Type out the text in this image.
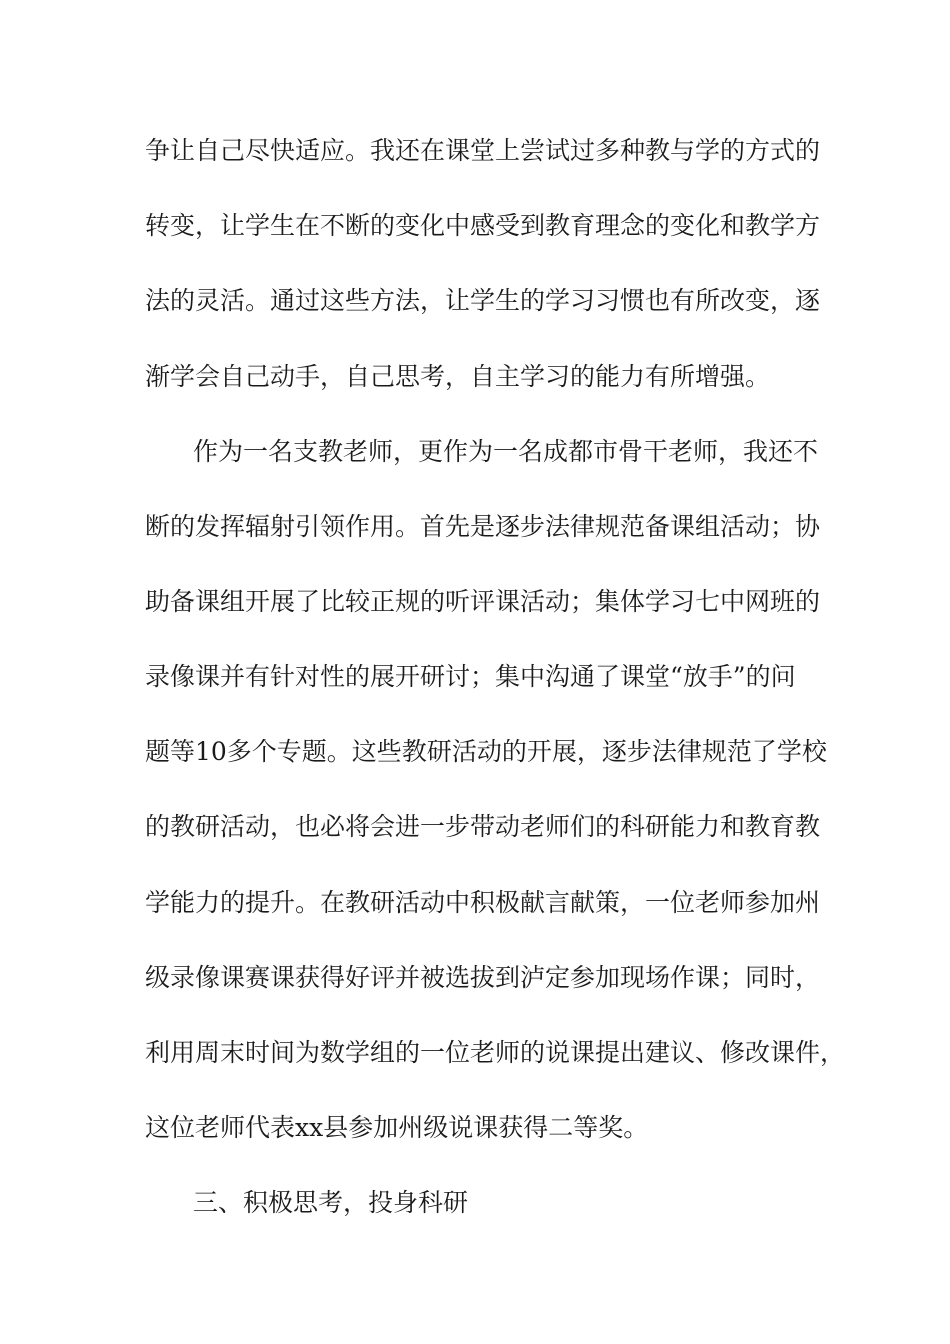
争让自己尽快适应。我还在课堂上尝试过多种教与学的方式的
转变，让学生在不断的变化中感受到教育理念的变化和教学方
法的灵活。通过这些方法，让学生的学习习惯也有所改变，逐
渐学会自己动手，自己思考，自主学习的能力有所增强。
作为一名支教老师，更作为一名成都市骨干老师，我还不
断的发挥辐射引领作用。首先是逐步法律规范备课组活动；协
助备课组开展了比较正规的听评课活动；集体学习七中网班的
录像课并有针对性的展开研讨；集中沟通了课堂“放手”的问
题等10多个专题。这些教研活动的开展，逐步法律规范了学校
的教研活动，也必将会进一步带动老师们的科研能力和教育教
学能力的提升。在教研活动中积极献言献策，一位老师参加州
级录像课赛课获得好评并被选拔到泸定参加现场作课；同时，
利用周末时间为数学组的一位老师的说课提出建议、修改课件，
这位老师代表xx县参加州级说课获得二等奖。
三、积极思考，投身科研
